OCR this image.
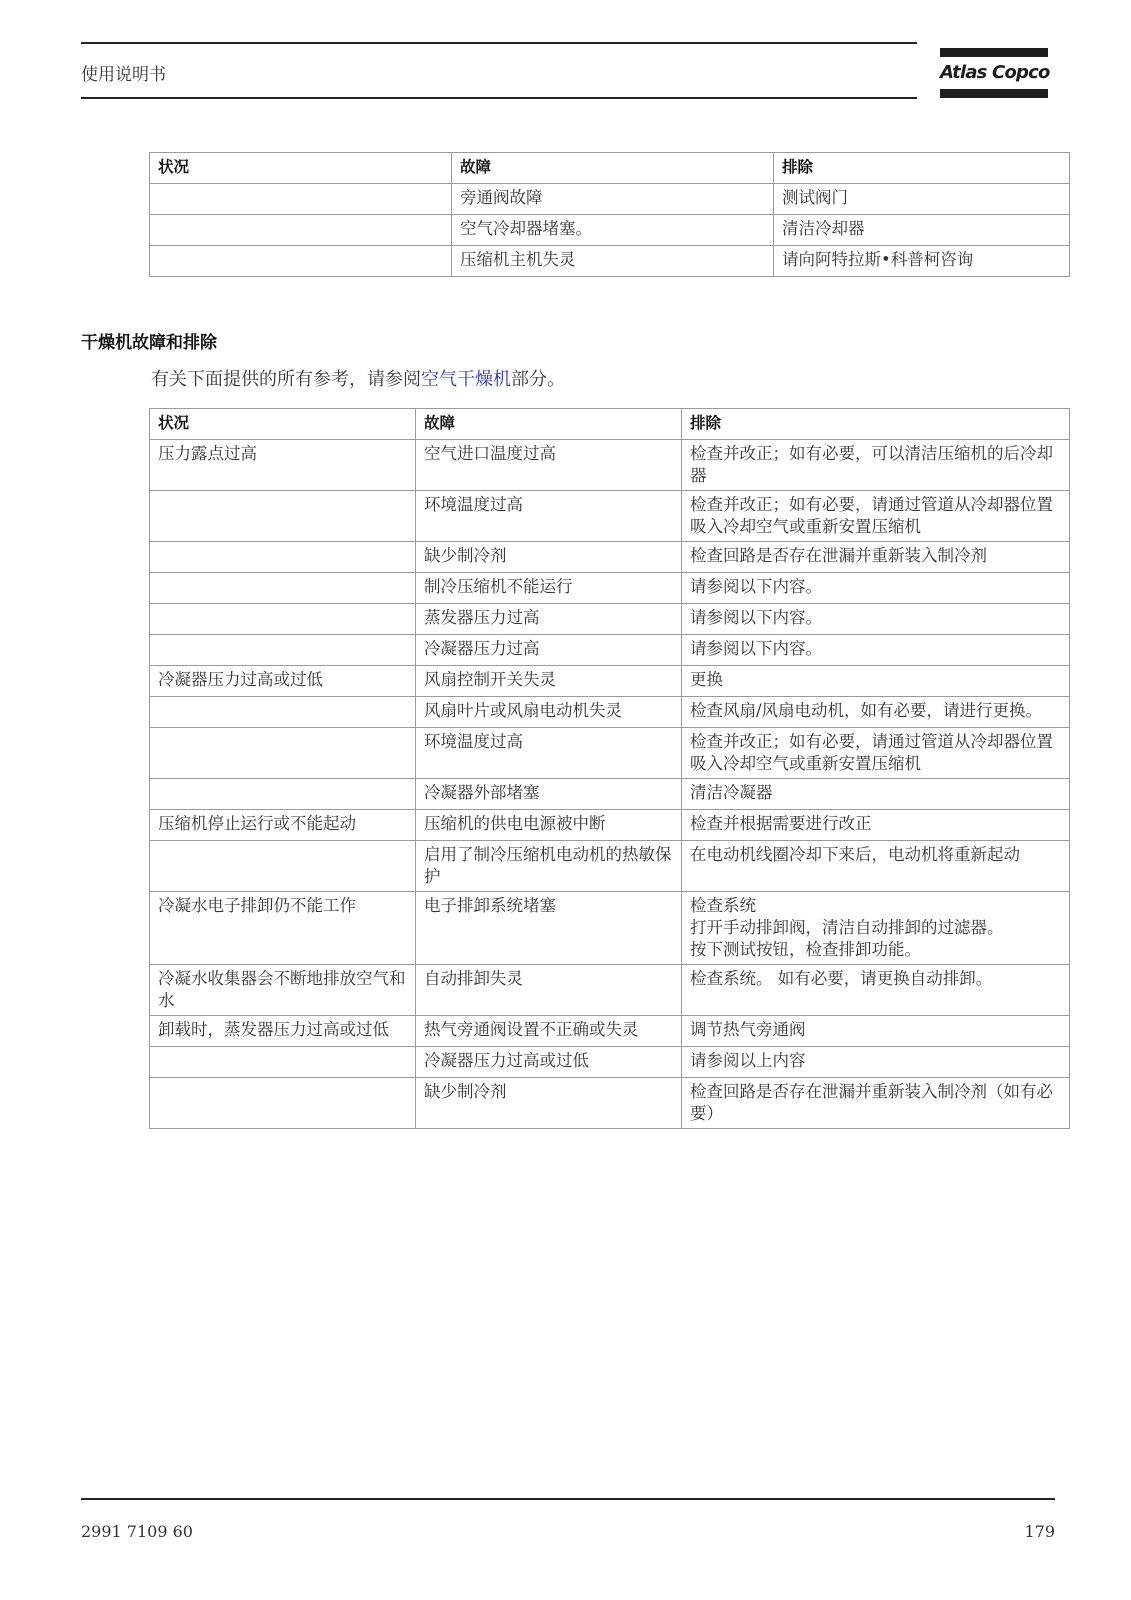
使用说明书	Atlas Copco
状况	故障	排除
	旁通阀故障	测试阀门
	空气冷却器堵塞。	清洁冷却器
	压缩机主机失灵	请向阿特拉斯•科普柯咨询
干燥机故障和排除
有关下面提供的所有参考，请参阅空气干燥机部分。
状况	故障	排除
压力露点过高	空气进口温度过高	检查并改正；如有必要，可以清洁压缩机的后冷却器
	环境温度过高	检查并改正；如有必要，请通过管道从冷却器位置吸入冷却空气或重新安置压缩机
	缺少制冷剂	检查回路是否存在泄漏并重新装入制冷剂
	制冷压缩机不能运行	请参阅以下内容。
	蒸发器压力过高	请参阅以下内容。
	冷凝器压力过高	请参阅以下内容。
冷凝器压力过高或过低	风扇控制开关失灵	更换
	风扇叶片或风扇电动机失灵	检查风扇/风扇电动机，如有必要，请进行更换。
	环境温度过高	检查并改正；如有必要，请通过管道从冷却器位置吸入冷却空气或重新安置压缩机
	冷凝器外部堵塞	清洁冷凝器
压缩机停止运行或不能起动	压缩机的供电电源被中断	检查并根据需要进行改正
	启用了制冷压缩机电动机的热敏保护	在电动机线圈冷却下来后，电动机将重新起动
冷凝水电子排卸仍不能工作	电子排卸系统堵塞	检查系统
打开手动排卸阀，清洁自动排卸的过滤器。
按下测试按钮，检查排卸功能。
冷凝水收集器会不断地排放空气和水	自动排卸失灵	检查系统。 如有必要，请更换自动排卸。
卸载时，蒸发器压力过高或过低	热气旁通阀设置不正确或失灵	调节热气旁通阀
	冷凝器压力过高或过低	请参阅以上内容
	缺少制冷剂	检查回路是否存在泄漏并重新装入制冷剂（如有必要）
2991 7109 60	179
